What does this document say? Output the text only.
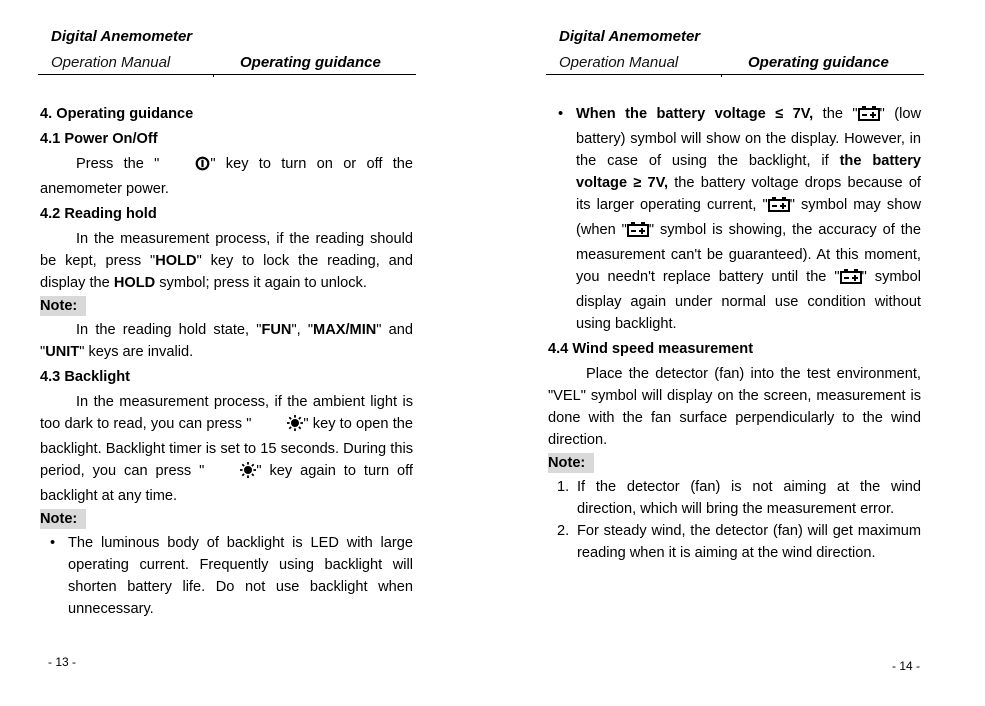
Digital Anemometer
Operation Manual	Operating guidance
4. Operating guidance
4.1 Power On/Off

Press the "	" key to turn on or off the anemometer power.

4.2 Reading hold

In the measurement process, if the reading should be kept, press "HOLD" key to lock the reading, and display the HOLD symbol; press it again to unlock.

Note:

In the reading hold state, "FUN", "MAX/MIN" and "UNIT" keys are invalid.

4.3 Backlight

In the measurement process, if the ambient light is too dark to read, you can press "	" key to open the backlight. Backlight timer is set to 15 seconds. During this period, you can press "	" key again to turn off backlight at any time.

Note:

• The luminous body of backlight is LED with large operating current. Frequently using backlight will shorten battery life. Do not use backlight when unnecessary.

- 13 -
Digital Anemometer
Operation Manual	Operating guidance

• When the battery voltage ≤ 7V, the " " (low battery) symbol will show on the display. However, in the case of using the backlight, if the battery voltage ≥ 7V, the battery voltage drops because of its larger operating current, " " symbol may show (when " " symbol is showing, the accuracy of the measurement can't be guaranteed). At this moment, you needn't replace battery until the " " symbol display again under normal use condition without using backlight.

4.4 Wind speed measurement

Place the detector (fan) into the test environment, "VEL" symbol will display on the screen, measurement is done with the fan surface perpendicularly to the wind direction.

Note:

1. If the detector (fan) is not aiming at the wind direction, which will bring the measurement error.

2. For steady wind, the detector (fan) will get maximum reading when it is aiming at the wind direction.

- 14 -
